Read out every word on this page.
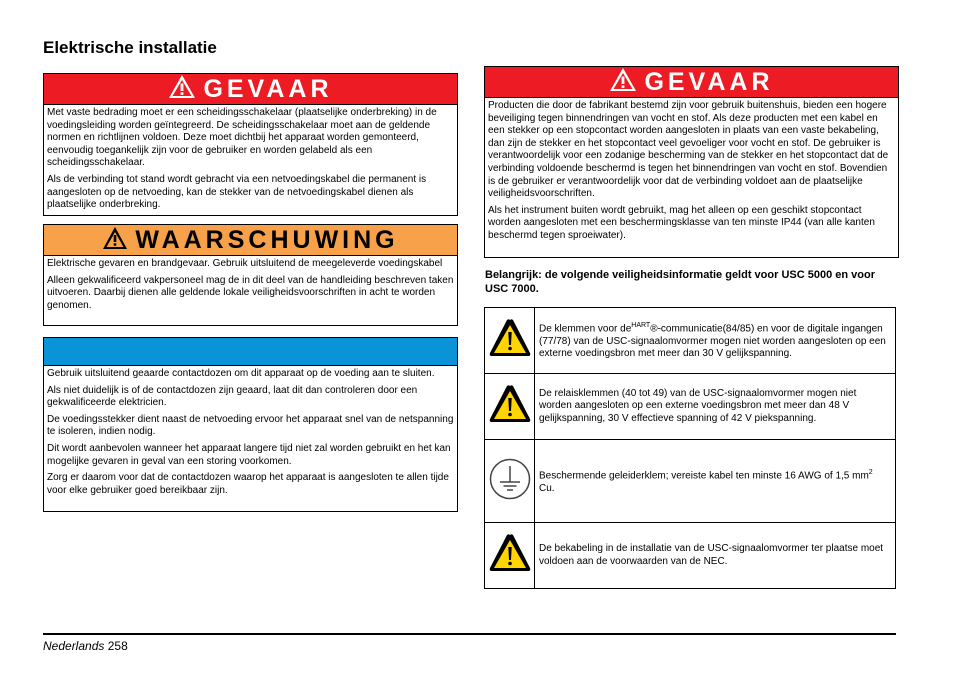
Elektrische installatie
GEVAAR

Met vaste bedrading moet er een scheidingsschakelaar (plaatselijke onderbreking) in de voedingsleiding worden geïntegreerd. De scheidingsschakelaar moet aan de geldende normen en richtlijnen voldoen. Deze moet dichtbij het apparaat worden gemonteerd, eenvoudig toegankelijk zijn voor de gebruiker en worden gelabeld als een scheidingsschakelaar.

Als de verbinding tot stand wordt gebracht via een netvoedingskabel die permanent is aangesloten op de netvoeding, kan de stekker van de netvoedingskabel dienen als plaatselijke onderbreking.

WAARSCHUWING

Elektrische gevaren en brandgevaar. Gebruik uitsluitend de meegeleverde voedingskabel

Alleen gekwalificeerd vakpersoneel mag de in dit deel van de handleiding beschreven taken uitvoeren. Daarbij dienen alle geldende lokale veiligheidsvoorschriften in acht te worden genomen.

Gebruik uitsluitend geaarde contactdozen om dit apparaat op de voeding aan te sluiten.

Als niet duidelijk is of de contactdozen zijn geaard, laat dit dan controleren door een gekwalificeerde elektricien.

De voedingsstekker dient naast de netvoeding ervoor het apparaat snel van de netspanning te isoleren, indien nodig.

Dit wordt aanbevolen wanneer het apparaat langere tijd niet zal worden gebruikt en het kan mogelijke gevaren in geval van een storing voorkomen.

Zorg er daarom voor dat de contactdozen waarop het apparaat is aangesloten te allen tijde voor elke gebruiker goed bereikbaar zijn.

GEVAAR

Producten die door de fabrikant bestemd zijn voor gebruik buitenshuis, bieden een hogere beveiliging tegen binnendringen van vocht en stof. Als deze producten met een kabel en een stekker op een stopcontact worden aangesloten in plaats van een vaste bekabeling, dan zijn de stekker en het stopcontact veel gevoeliger voor vocht en stof. De gebruiker is verantwoordelijk voor een zodanige bescherming van de stekker en het stopcontact dat de verbinding voldoende beschermd is tegen het binnendringen van vocht en stof. Bovendien is de gebruiker er verantwoordelijk voor dat de verbinding voldoet aan de plaatselijke veiligheidsvoorschriften.

Als het instrument buiten wordt gebruikt, mag het alleen op een geschikt stopcontact worden aangesloten met een beschermingsklasse van ten minste IP44 (van alle kanten beschermd tegen sproeiwater).

Belangrijk: de volgende veiligheidsinformatie geldt voor USC 5000 en voor USC 7000.
	De klemmen voor $de^{HART}®-communicatie(84/85)$ en voor de digitale ingangen (77/78) van de USC-signaalomvormer mogen niet worden aangesloten op een externe voedingsbron met meer dan 30 V gelijkspanning.
	De relaisklemmen (40 tot 49) van de USC-signaalomvormer mogen niet worden aangesloten op een externe voedingsbron met meer dan 48 V gelijkspanning, 30 V effectieve spanning of 42 V piekspanning.
	Beschermende geleiderklem; vereiste kabel ten minste 16 AWG of 1,5 $mm^2$ Cu.
	De bekabeling in de installatie van de USC-signaalomvormer ter plaatse moet voldoen aan de voorwaarden van de NEC.
Nederlands 258
